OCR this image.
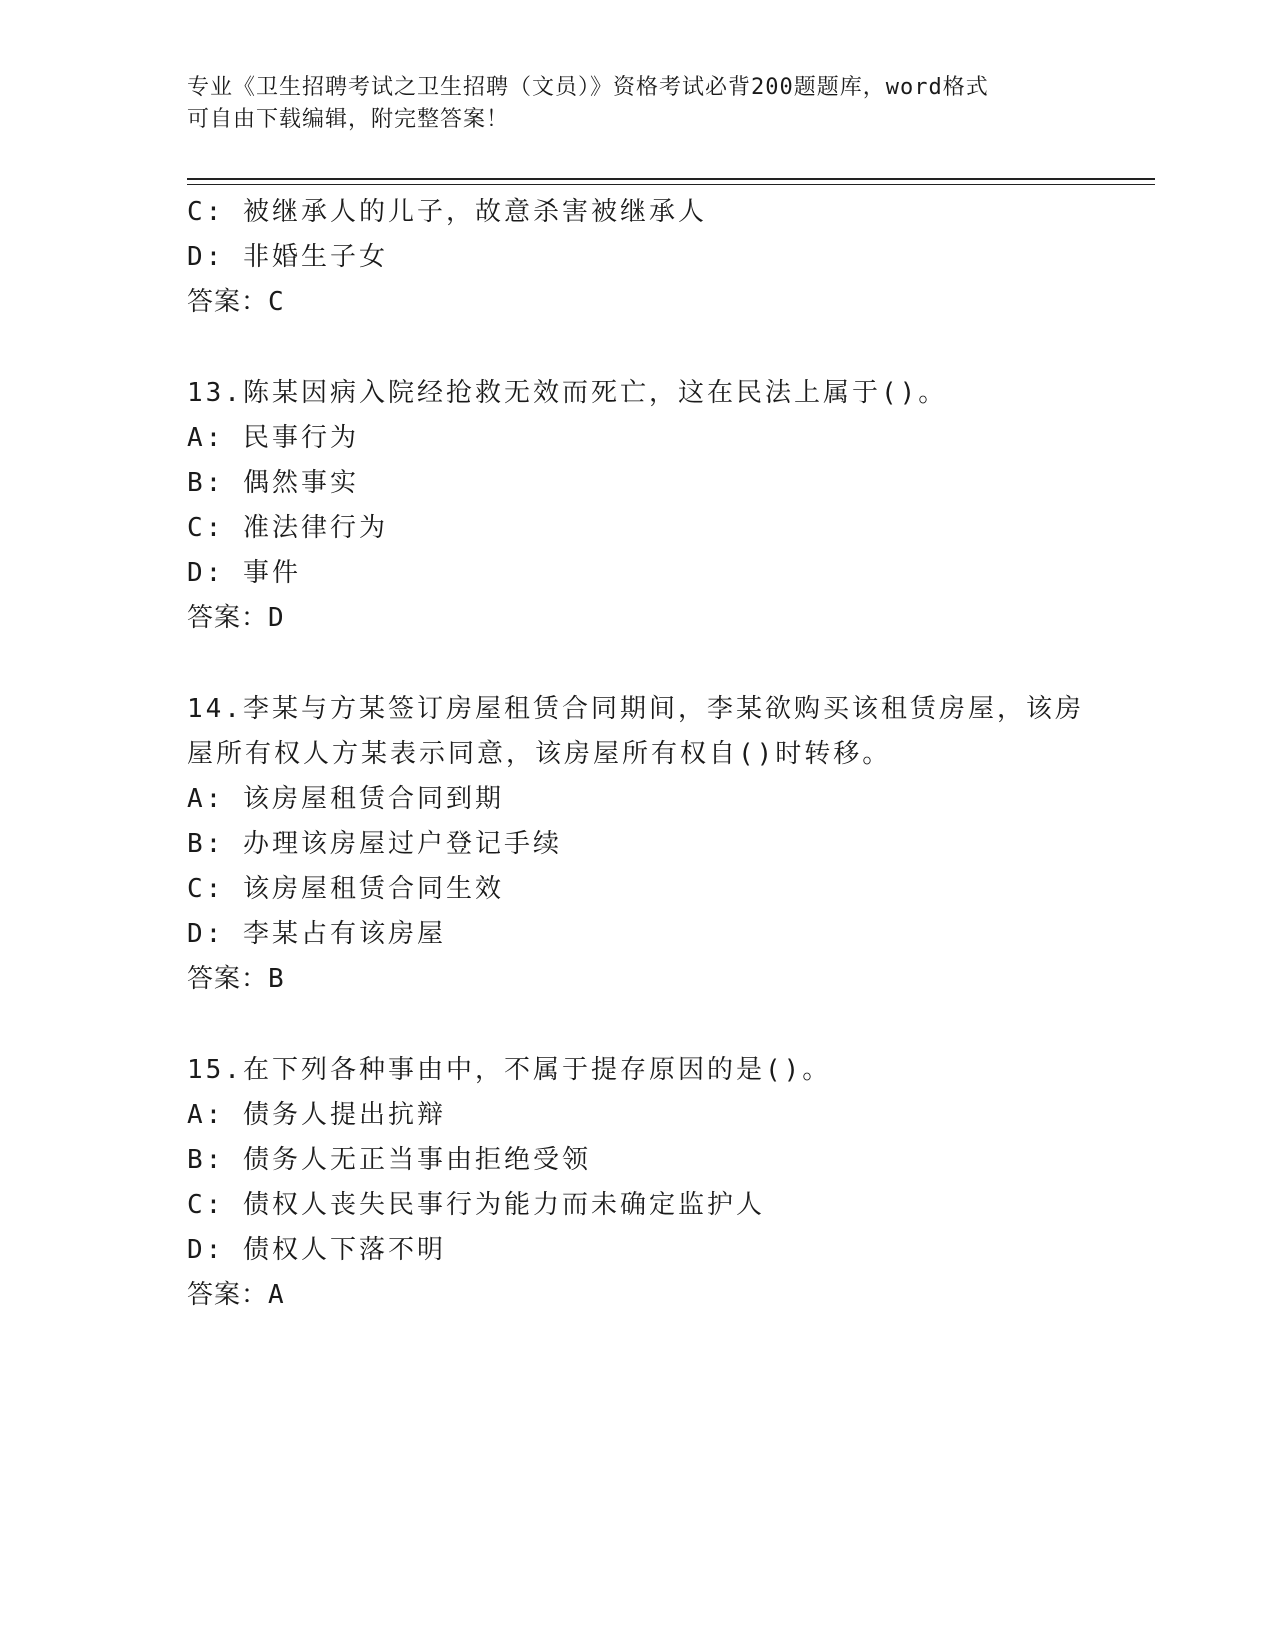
专业《卫生招聘考试之卫生招聘（文员）》资格考试必背200题题库，word格式
可自由下载编辑，附完整答案！
C: 被继承人的儿子，故意杀害被继承人
D: 非婚生子女
答案：C
13.陈某因病入院经抢救无效而死亡，这在民法上属于()。
A: 民事行为
B: 偶然事实
C: 准法律行为
D: 事件
答案：D
14.李某与方某签订房屋租赁合同期间，李某欲购买该租赁房屋，该房
屋所有权人方某表示同意，该房屋所有权自()时转移。
A: 该房屋租赁合同到期
B: 办理该房屋过户登记手续
C: 该房屋租赁合同生效
D: 李某占有该房屋
答案：B
15.在下列各种事由中，不属于提存原因的是()。
A: 债务人提出抗辩
B: 债务人无正当事由拒绝受领
C: 债权人丧失民事行为能力而未确定监护人
D: 债权人下落不明
答案：A
